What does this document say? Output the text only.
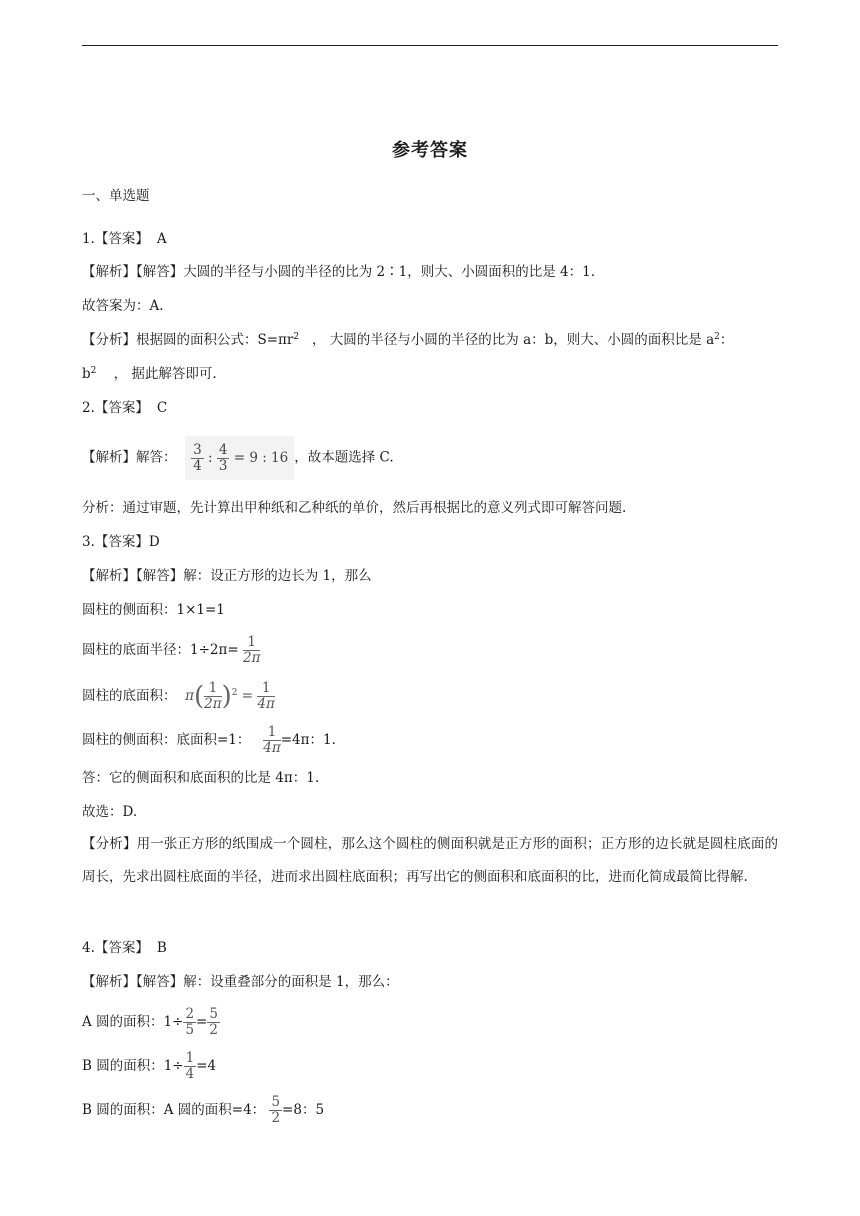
参考答案
一、单选题
1.【答案】 A
【解析】【解答】大圆的半径与小圆的半径的比为 2∶1，则大、小圆面积的比是 4：1.
故答案为：A.
【分析】根据圆的面积公式：$S=\pi r^2$ ， 大圆的半径与小圆的半径的比为 a：b，则大、小圆的面积比是 $a^2$：
$b^2$ ， 据此解答即可.
2.【答案】 C
【解析】解答： $\frac{3}{4}$ : $\frac{4}{3} = 9$ : 16 ，故本题选择 C.
分析：通过审题，先计算出甲种纸和乙种纸的单价，然后再根据比的意义列式即可解答问题.
3.【答案】D
【解析】【解答】解：设正方形的边长为 1，那么
圆柱的侧面积：1×1=1
圆柱的底面半径：$1\div 2\pi= \frac{1}{2\pi}$
圆柱的底面积： $\pi( \frac{1}{2\pi} )^2 = \frac{1}{4\pi}$
圆柱的侧面积：底面积=1： $\frac{1}{4\pi} =4\pi$：1.
答：它的侧面积和底面积的比是 4π：1.
故选：D.
【分析】用一张正方形的纸围成一个圆柱，那么这个圆柱的侧面积就是正方形的面积；正方形的边长就是圆柱底面的周长，先求出圆柱底面的半径，进而求出圆柱底面积；再写出它的侧面积和底面积的比，进而化简成最简比得解.
4.【答案】 B
【解析】【解答】解：设重叠部分的面积是 1，那么：
A 圆的面积：$1\div \frac{2}{5} = \frac{5}{2}$
B 圆的面积：$1\div \frac{1}{4} =4$
B 圆的面积：A 圆的面积=4： $\frac{5}{2} =8$：5
